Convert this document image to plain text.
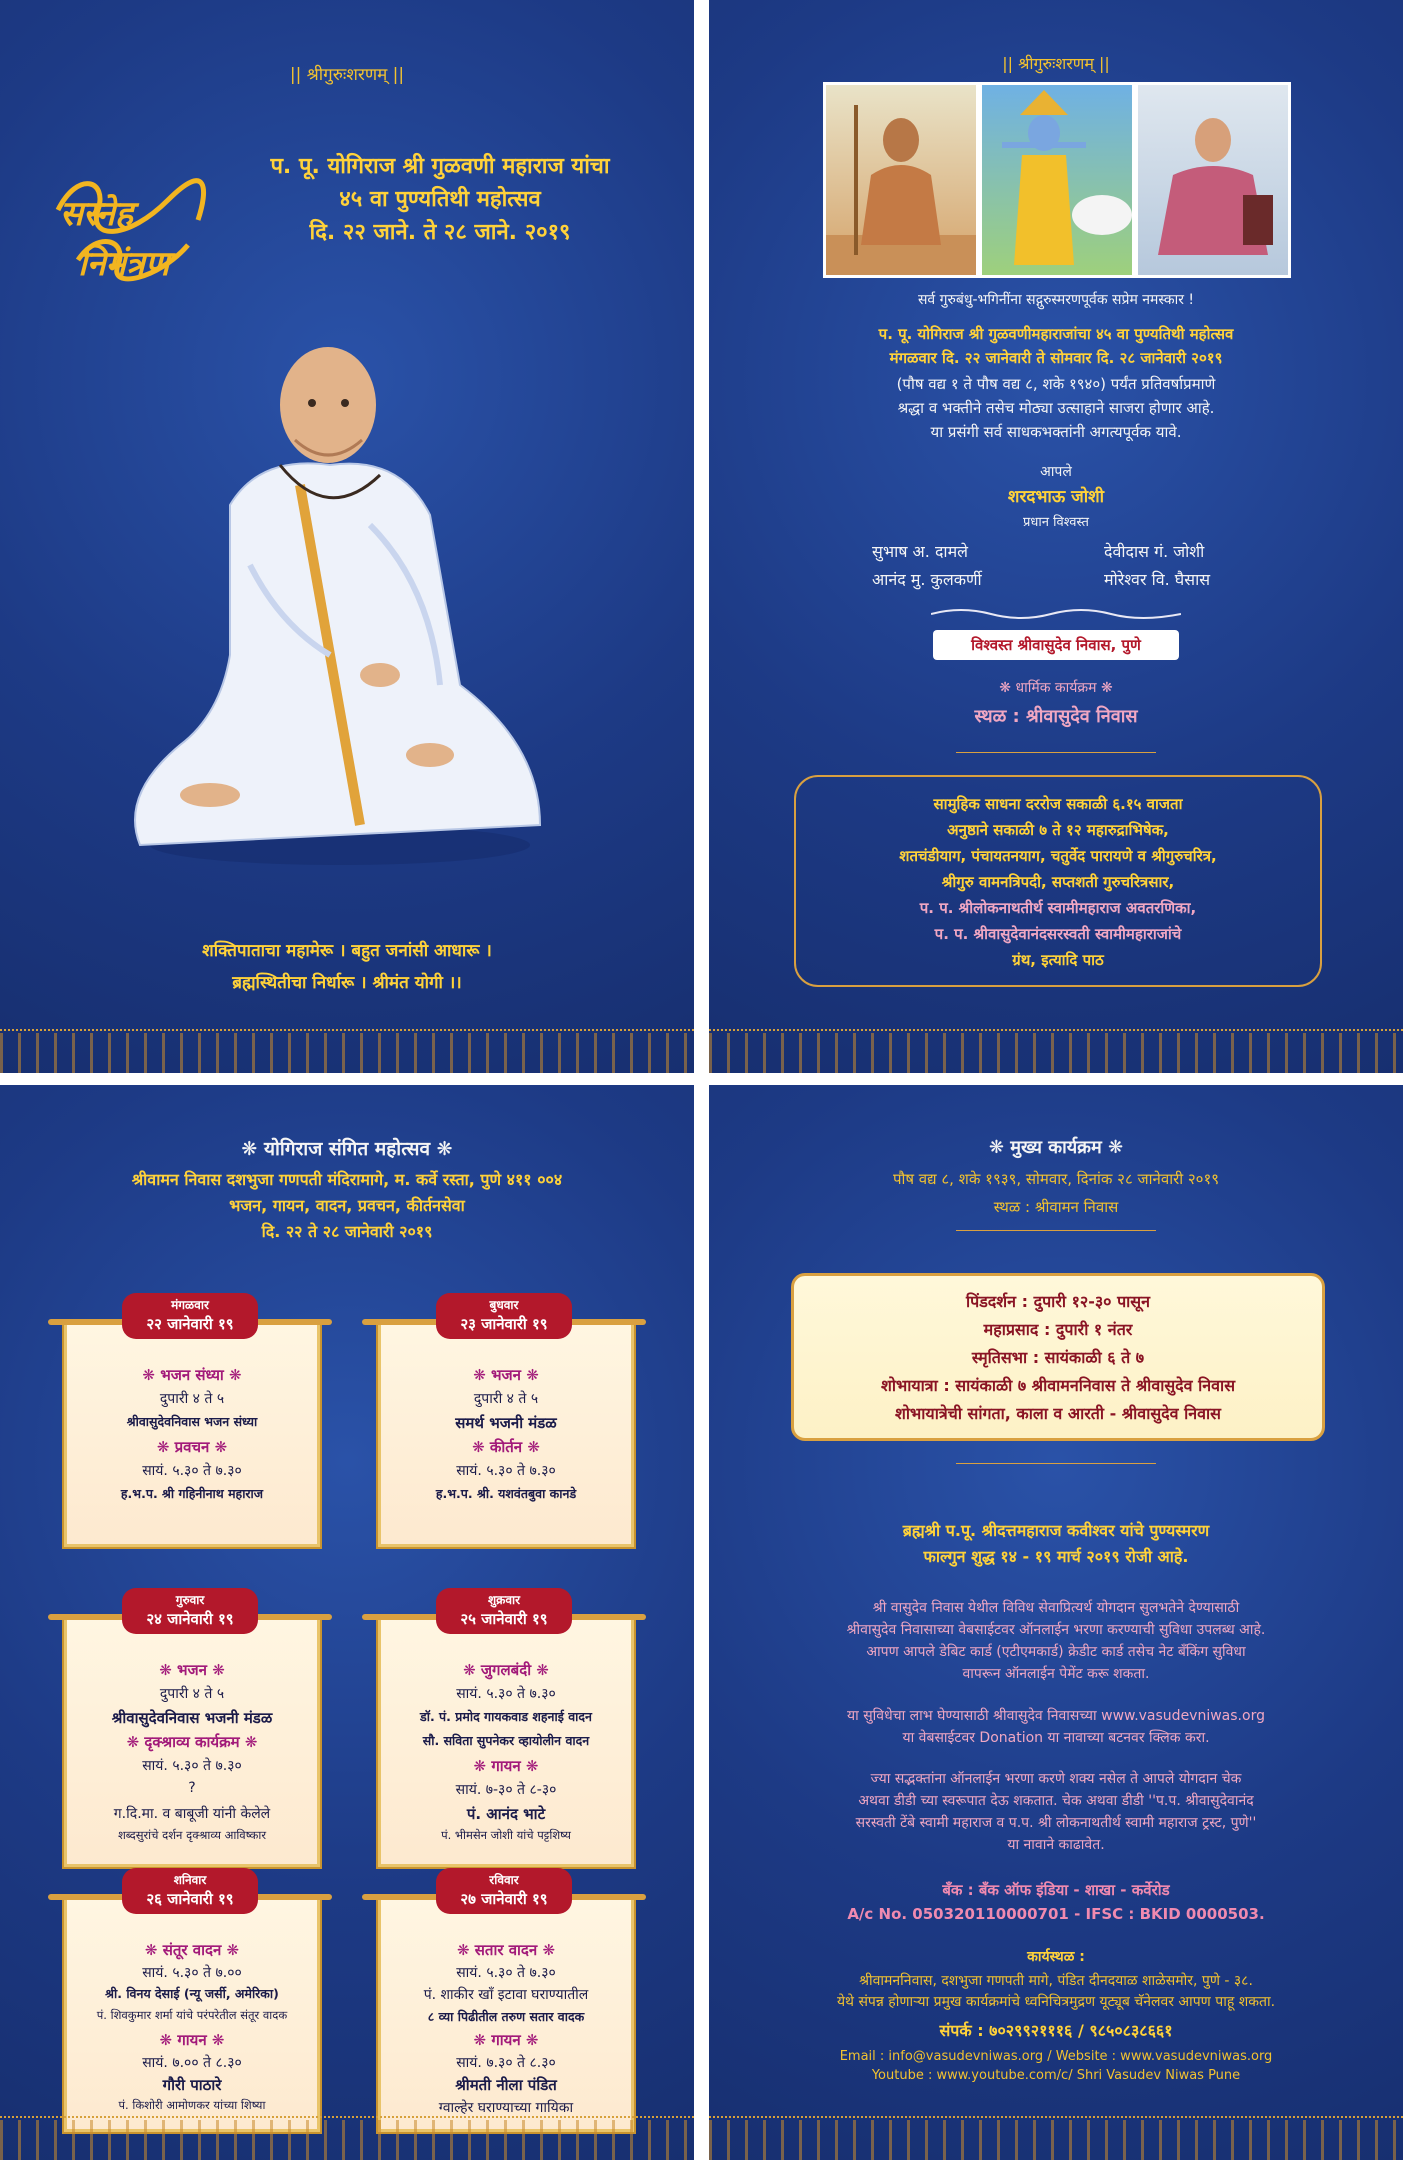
|| श्रीगुरुःशरणम् ||
सस्नेह
निमंत्रण
प. पू. योगिराज श्री गुळवणी महाराज यांचा
४५ वा पुण्यतिथी महोत्सव
दि. २२ जाने. ते २८ जाने. २०१९
शक्तिपाताचा महामेरू । बहुत जनांसी आधारू ।
ब्रह्मस्थितीचा निर्धारू । श्रीमंत योगी ।।
|| श्रीगुरुःशरणम् ||
सर्व गुरुबंधु-भगिनींना सद्गुरुस्मरणपूर्वक सप्रेम नमस्कार !
प. पू. योगिराज श्री गुळवणीमहाराजांचा ४५ वा पुण्यतिथी महोत्सव
मंगळवार दि. २२ जानेवारी ते सोमवार दि. २८ जानेवारी २०१९
(पौष वद्य १ ते पौष वद्य ८, शके १९४०) पर्यंत प्रतिवर्षाप्रमाणे
श्रद्धा व भक्तीने तसेच मोठ्या उत्साहाने साजरा होणार आहे.
या प्रसंगी सर्व साधकभक्तांनी अगत्यपूर्वक यावे.
आपले
शरदभाऊ जोशी
प्रधान विश्वस्त
सुभाष अ. दामले
आनंद मु. कुलकर्णी
देवीदास गं. जोशी
मोरेश्वर वि. घैसास
विश्वस्त श्रीवासुदेव निवास, पुणे
❋ धार्मिक कार्यक्रम ❋
स्थळ : श्रीवासुदेव निवास
सामुहिक साधना दररोज सकाळी ६.१५ वाजता
अनुष्ठाने सकाळी ७ ते १२ महारुद्राभिषेक,
शतचंडीयाग, पंचायतनयाग, चतुर्वेद पारायणे व श्रीगुरुचरित्र,
श्रीगुरु वामनत्रिपदी, सप्तशती गुरुचरित्रसार,
प. प. श्रीलोकनाथतीर्थ स्वामीमहाराज अवतरणिका,
प. प. श्रीवासुदेवानंदसरस्वती स्वामीमहाराजांचे
ग्रंथ, इत्यादि पाठ
❋ योगिराज संगित महोत्सव ❋
श्रीवामन निवास दशभुजा गणपती मंदिरामागे, म. कर्वे रस्ता, पुणे ४११ ००४
भजन, गायन, वादन, प्रवचन, कीर्तनसेवा
दि. २२ ते २८ जानेवारी २०१९
❋ भजन संध्या ❋
दुपारी ४ ते ५
श्रीवासुदेवनिवास भजन संध्या
❋ प्रवचन ❋
सायं. ५.३० ते ७.३०
ह.भ.प. श्री गहिनीनाथ महाराज
मंगळवार
२२ जानेवारी १९
❋ भजन ❋
दुपारी ४ ते ५
समर्थ भजनी मंडळ
❋ कीर्तन ❋
सायं. ५.३० ते ७.३०
ह.भ.प. श्री. यशवंतबुवा कानडे
बुधवार
२३ जानेवारी १९
❋ भजन ❋
दुपारी ४ ते ५
श्रीवासुदेवनिवास भजनी मंडळ
❋ दृक्श्राव्य कार्यक्रम ❋
सायं. ५.३० ते ७.३०
?
ग.दि.मा. व बाबूजी यांनी केलेले
शब्दसुरांचे दर्शन दृक्श्राव्य आविष्कार
गुरुवार
२४ जानेवारी १९
❋ जुगलबंदी ❋
सायं. ५.३० ते ७.३०
डॉ. पं. प्रमोद गायकवाड शहनाई वादन
सौ. सविता सुपनेकर व्हायोलीन वादन
❋ गायन ❋
सायं. ७-३० ते ८-३०
पं. आनंद भाटे
पं. भीमसेन जोशी यांचे पट्टशिष्य
शुक्रवार
२५ जानेवारी १९
❋ संतूर वादन ❋
सायं. ५.३० ते ७.००
श्री. विनय देसाई (न्यू जर्सी, अमेरिका)
पं. शिवकुमार शर्मा यांचे परंपरेतील संतूर वादक
❋ गायन ❋
सायं. ७.०० ते ८.३०
गौरी पाठारे
पं. किशोरी आमोणकर यांच्या शिष्या
शनिवार
२६ जानेवारी १९
❋ सतार वादन ❋
सायं. ५.३० ते ७.३०
पं. शाकीर खाँ इटावा घराण्यातील
८ व्या पिढीतील तरुण सतार वादक
❋ गायन ❋
सायं. ७.३० ते ८.३०
श्रीमती नीला पंडित
ग्वाल्हेर घराण्याच्या गायिका
रविवार
२७ जानेवारी १९
❋ मुख्य कार्यक्रम ❋
पौष वद्य ८, शके १९३९, सोमवार, दिनांक २८ जानेवारी २०१९
स्थळ : श्रीवामन निवास
पिंडदर्शन : दुपारी १२-३० पासून
महाप्रसाद : दुपारी १ नंतर
स्मृतिसभा : सायंकाळी ६ ते ७
शोभायात्रा : सायंकाळी ७ श्रीवामननिवास ते श्रीवासुदेव निवास
शोभायात्रेची सांगता, काला व आरती - श्रीवासुदेव निवास
ब्रह्मश्री प.पू. श्रीदत्तमहाराज कवीश्वर यांचे पुण्यस्मरण
फाल्गुन शुद्ध १४ - १९ मार्च २०१९ रोजी आहे.
श्री वासुदेव निवास येथील विविध सेवाप्रित्यर्थ योगदान सुलभतेने देण्यासाठी
श्रीवासुदेव निवासाच्या वेबसाईटवर ऑनलाईन भरणा करण्याची सुविधा उपलब्ध आहे.
आपण आपले डेबिट कार्ड (एटीएमकार्ड) क्रेडीट कार्ड तसेच नेट बॅंकिंग सुविधा
वापरून ऑनलाईन पेमेंट करू शकता.
या सुविधेचा लाभ घेण्यासाठी श्रीवासुदेव निवासच्या www.vasudevniwas.org
या वेबसाईटवर Donation या नावाच्या बटनवर क्लिक करा.
ज्या सद्भक्तांना ऑनलाईन भरणा करणे शक्य नसेल ते आपले योगदान चेक
अथवा डीडी च्या स्वरूपात देऊ शकतात. चेक अथवा डीडी ''प.प. श्रीवासुदेवानंद
सरस्वती टेंबे स्वामी महाराज व प.प. श्री लोकनाथतीर्थ स्वामी महाराज ट्रस्ट, पुणे''
या नावाने काढावेत.
बँक : बँक ऑफ इंडिया - शाखा - कर्वेरोड
A/c No. 050320110000701 - IFSC : BKID 0000503.
कार्यस्थळ :
श्रीवामननिवास, दशभुजा गणपती मागे, पंडित दीनदयाळ शाळेसमोर, पुणे - ३८.
येथे संपन्न होणाऱ्या प्रमुख कार्यक्रमांचे ध्वनिचित्रमुद्रण यूट्यूब चॅनेलवर आपण पाहू शकता.
संपर्क : ७०२९९२१११६ / ९८५०८३८६६१
Email : info@vasudevniwas.org / Website : www.vasudevniwas.org
Youtube : www.youtube.com/c/ Shri Vasudev Niwas Pune
